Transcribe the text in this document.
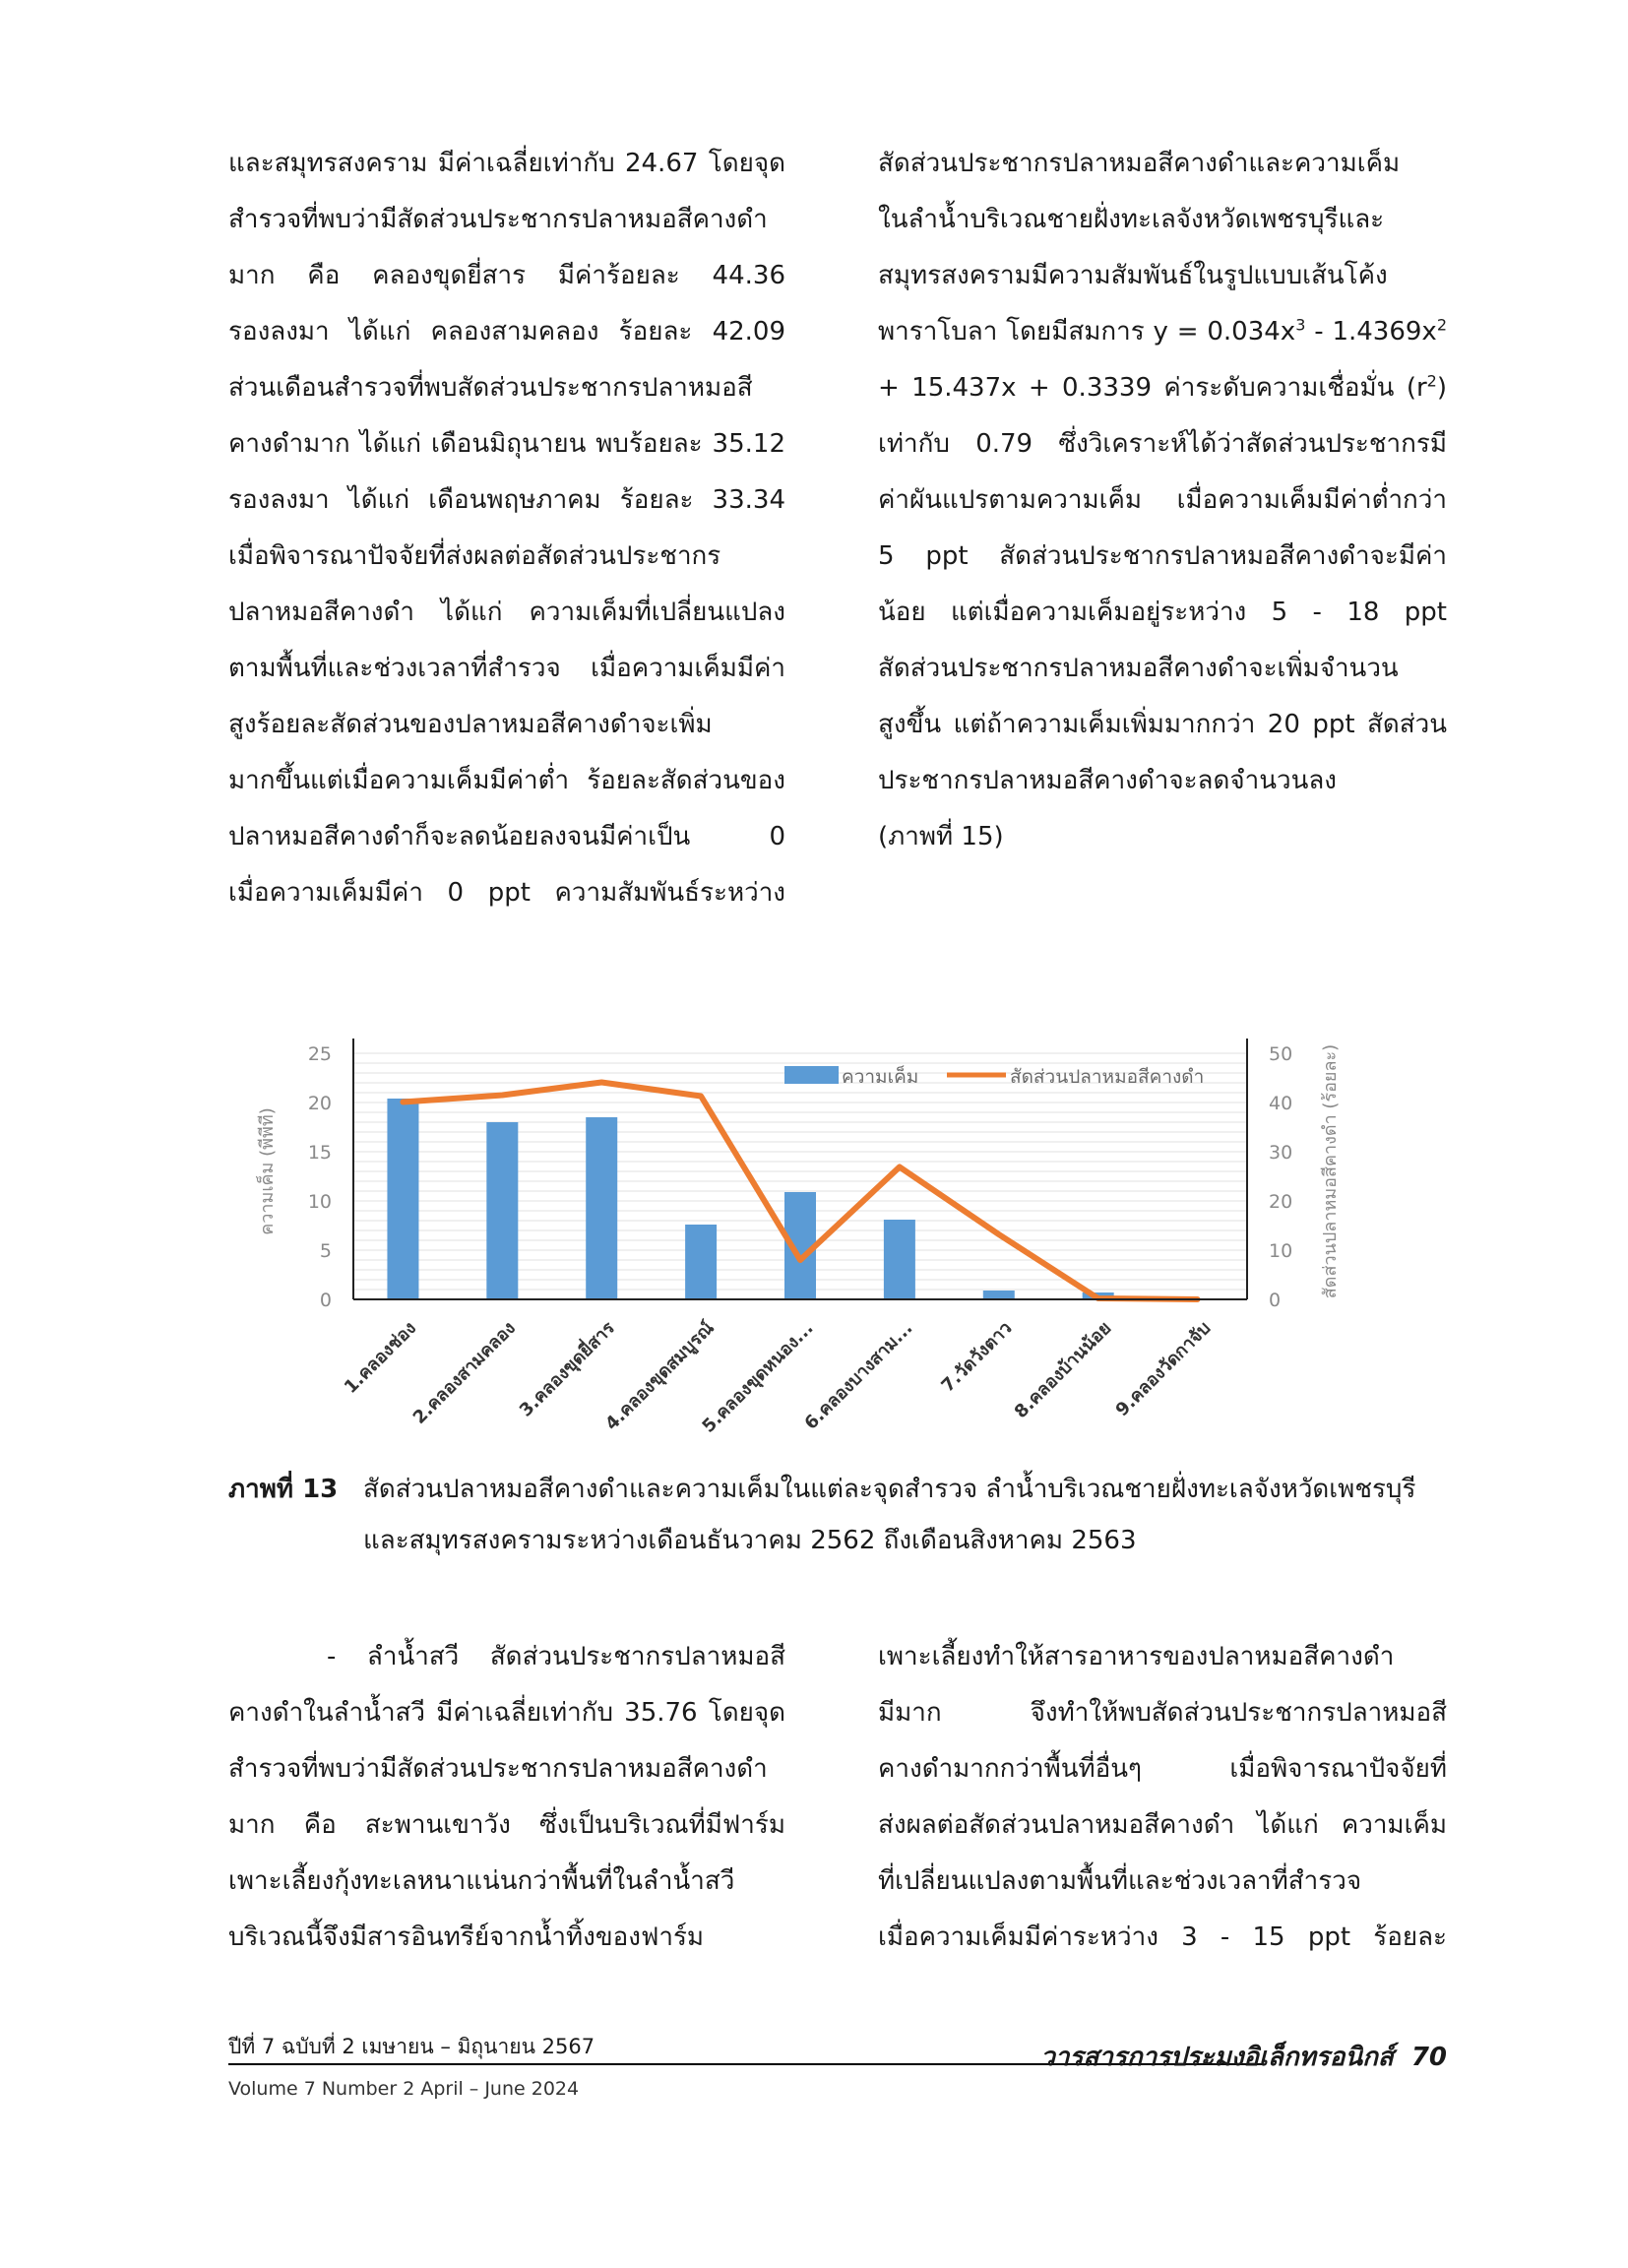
และสมุทรสงคราม มีค่าเฉลี่ยเท่ากับ 24.67 โดยจุด
สำรวจที่พบว่ามีสัดส่วนประชากรปลาหมอสีคางดำ
มาก คือ คลองขุดยี่สาร มีค่าร้อยละ 44.36
รองลงมา ได้แก่ คลองสามคลอง ร้อยละ 42.09
ส่วนเดือนสำรวจที่พบสัดส่วนประชากรปลาหมอสี
คางดำมาก ได้แก่ เดือนมิถุนายน พบร้อยละ 35.12
รองลงมา ได้แก่ เดือนพฤษภาคม ร้อยละ 33.34
เมื่อพิจารณาปัจจัยที่ส่งผลต่อสัดส่วนประชากร
ปลาหมอสีคางดำ ได้แก่ ความเค็มที่เปลี่ยนแปลง
ตามพื้นที่และช่วงเวลาที่สำรวจ เมื่อความเค็มมีค่า
สูงร้อยละสัดส่วนของปลาหมอสีคางดำจะเพิ่ม
มากขึ้นแต่เมื่อความเค็มมีค่าต่ำ ร้อยละสัดส่วนของ
ปลาหมอสีคางดำก็จะลดน้อยลงจนมีค่าเป็น 0
เมื่อความเค็มมีค่า 0 ppt ความสัมพันธ์ระหว่าง
สัดส่วนประชากรปลาหมอสีคางดำและความเค็ม
ในลำน้ำบริเวณชายฝั่งทะเลจังหวัดเพชรบุรีและ
สมุทรสงครามมีความสัมพันธ์ในรูปแบบเส้นโค้ง
พาราโบลา โดยมีสมการ $y = 0.034x^3 - 1.4369x^2$
+ 15.437x + 0.3339 ค่าระดับความเชื่อมั่น $(r^2)$
เท่ากับ 0.79 ซึ่งวิเคราะห์ได้ว่าสัดส่วนประชากรมี
ค่าผันแปรตามความเค็ม เมื่อความเค็มมีค่าต่ำกว่า
5 ppt สัดส่วนประชากรปลาหมอสีคางดำจะมีค่า
น้อย แต่เมื่อความเค็มอยู่ระหว่าง 5 - 18 ppt
สัดส่วนประชากรปลาหมอสีคางดำจะเพิ่มจำนวน
สูงขึ้น แต่ถ้าความเค็มเพิ่มมากกว่า 20 ppt สัดส่วน
ประชากรปลาหมอสีคางดำจะลดจำนวนลง
(ภาพที่ 15)
0
5
10
15
20
25
0
10
20
30
40
50
1.คลองช่อง
2.คลองสามคลอง
3.คลองขุดยี่สาร
4.คลองขุดสมบูรณ์
5.คลองขุดหนอง...
6.คลองบางสาม... 7.วัดวังตาว
8.คลองบ้านน้อย
9.คลองวัดกาจับ
ความเค็ม (พีพีที)	สัดส่วนปลาหมอสีคางดำ (ร้อยละ)
ความเค็ม	สัดส่วนปลาหมอสีคางดำ
ภาพที่ 13 สัดส่วนปลาหมอสีคางดำและความเค็มในแต่ละจุดสำรวจ ลำน้ำบริเวณชายฝั่งทะเลจังหวัดเพชรบุรี
และสมุทรสงครามระหว่างเดือนธันวาคม 2562 ถึงเดือนสิงหาคม 2563
- ลำน้ำสวี สัดส่วนประชากรปลาหมอสี
คางดำในลำน้ำสวี มีค่าเฉลี่ยเท่ากับ 35.76 โดยจุด
สำรวจที่พบว่ามีสัดส่วนประชากรปลาหมอสีคางดำ
มาก คือ สะพานเขาวัง ซึ่งเป็นบริเวณที่มีฟาร์ม
เพาะเลี้ยงกุ้งทะเลหนาแน่นกว่าพื้นที่ในลำน้ำสวี
บริเวณนี้จึงมีสารอินทรีย์จากน้ำทิ้งของฟาร์ม
เพาะเลี้ยงทำให้สารอาหารของปลาหมอสีคางดำ
มีมาก จึงทำให้พบสัดส่วนประชากรปลาหมอสี
คางดำมากกว่าพื้นที่อื่นๆ เมื่อพิจารณาปัจจัยที่
ส่งผลต่อสัดส่วนปลาหมอสีคางดำ ได้แก่ ความเค็ม
ที่เปลี่ยนแปลงตามพื้นที่และช่วงเวลาที่สำรวจ
เมื่อความเค็มมีค่าระหว่าง 3 - 15 ppt ร้อยละ
ปีที่ 7 ฉบับที่ 2 เมษายน – มิถุนายน 2567	วารสารการประมงอิเล็กทรอนิกส์ 70
Volume 7 Number 2 April – June 2024
